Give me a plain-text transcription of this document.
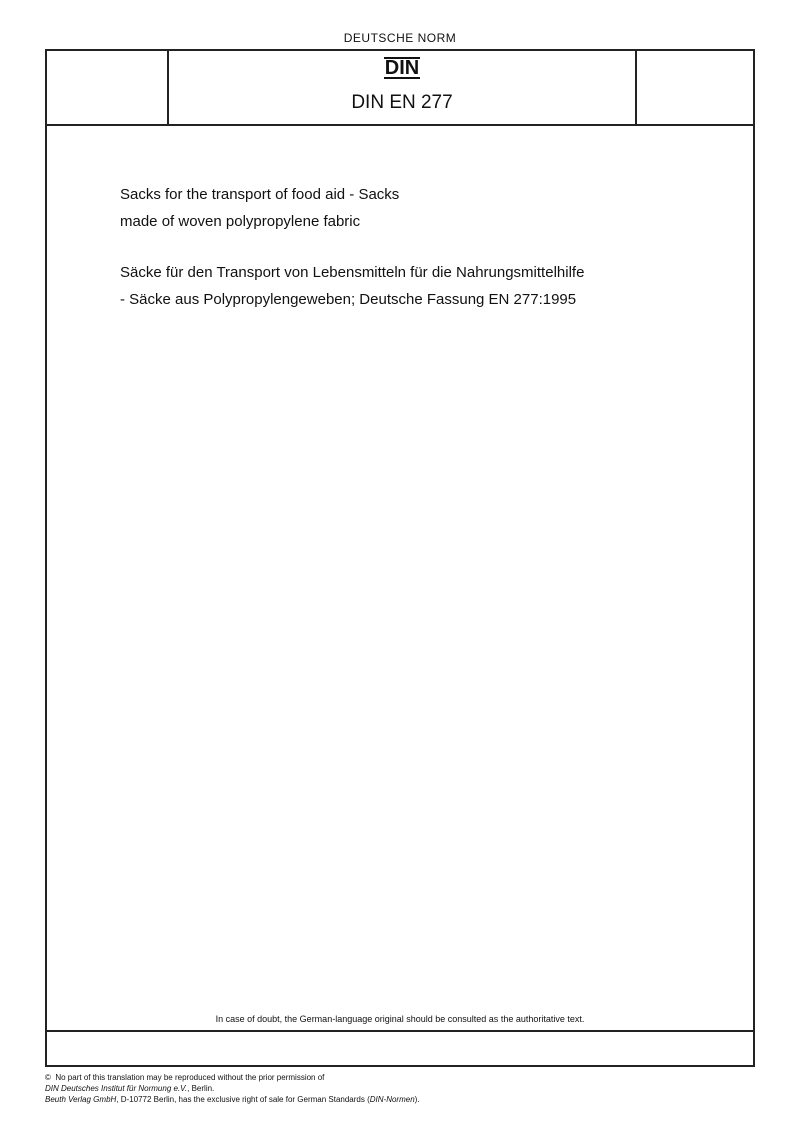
DEUTSCHE NORM
DIN
DIN EN 277
Sacks for the transport of food aid - Sacks
made of woven polypropylene fabric
Säcke für den Transport von Lebensmitteln für die Nahrungsmittelhilfe
- Säcke aus Polypropylengeweben; Deutsche Fassung EN 277:1995
In case of doubt, the German-language original should be consulted as the authoritative text.
© No part of this translation may be reproduced without the prior permission of
DIN Deutsches Institut für Normung e.V., Berlin.
Beuth Verlag GmbH, D-10772 Berlin, has the exclusive right of sale for German Standards (DIN-Normen).
